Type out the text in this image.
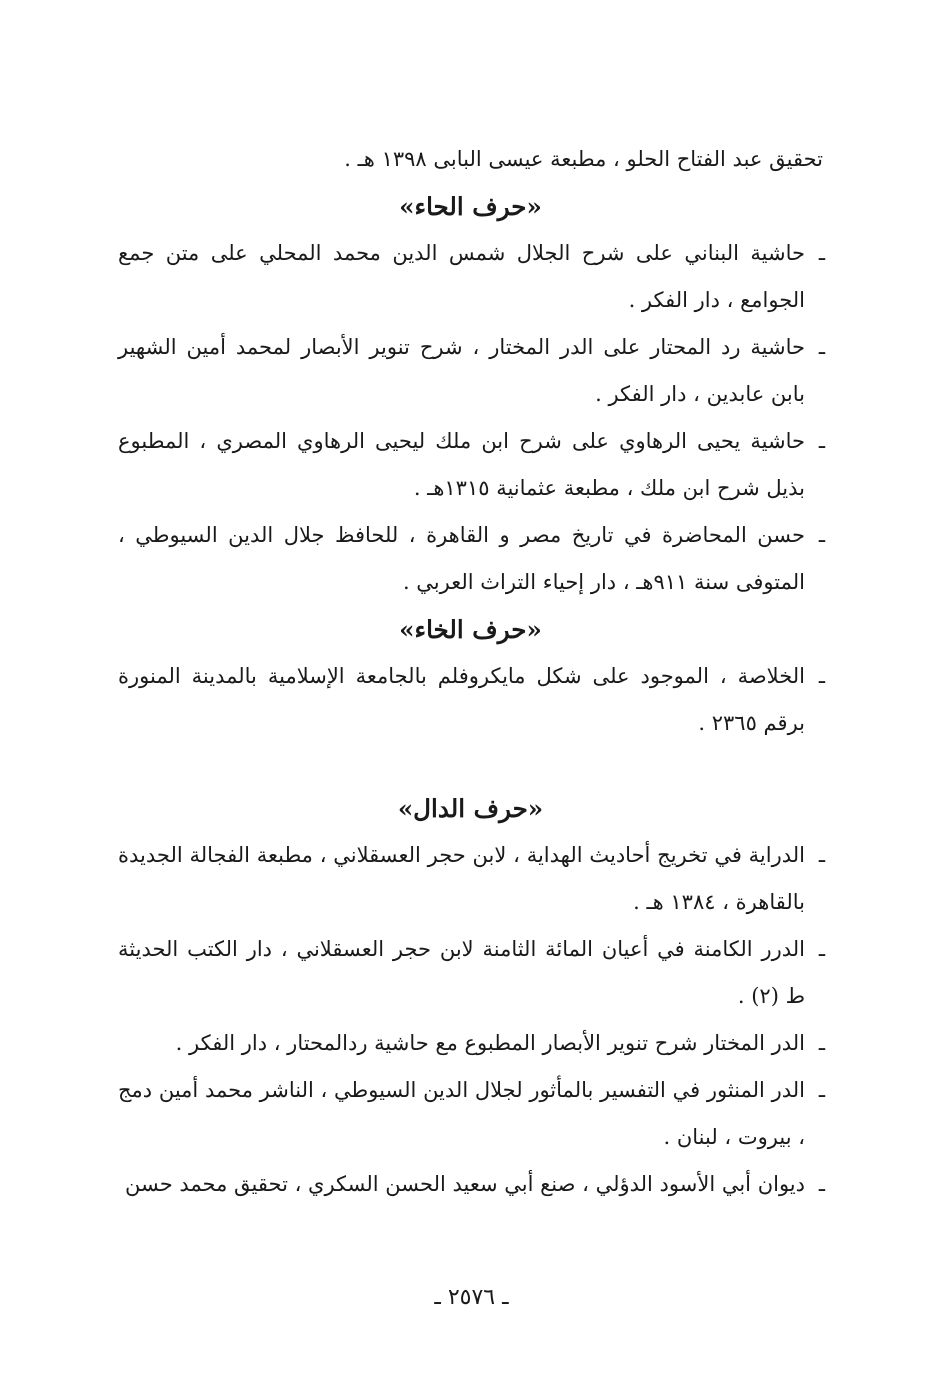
تحقيق عبد الفتاح الحلو ، مطبعة عيسى البابى ١٣٩٨ هـ .

«حرف الحاء»

ـ
حاشية البناني على شرح الجلال شمس الدين محمد المحلي على متن جمع الجوامع ، دار الفكر .

ـ
حاشية رد المحتار على الدر المختار ، شرح تنوير الأبصار لمحمد أمين الشهير بابن عابدين ، دار الفكر .

ـ
حاشية يحيى الرهاوي على شرح ابن ملك ليحيى الرهاوي المصري ، المطبوع بذيل شرح ابن ملك ، مطبعة عثمانية ١٣١٥هـ .

ـ
حسن المحاضرة في تاريخ مصر و القاهرة ، للحافظ جلال الدين السيوطي ، المتوفى سنة ٩١١هـ ، دار إحياء التراث العربي .

«حرف الخاء»

ـ
الخلاصة ، الموجود على شكل مايكروفلم بالجامعة الإسلامية بالمدينة المنورة برقم ٢٣٦٥ .

«حرف الدال»

ـ
الدراية في تخريج أحاديث الهداية ، لابن حجر العسقلاني ، مطبعة الفجالة الجديدة بالقاهرة ، ١٣٨٤ هـ .

ـ
الدرر الكامنة في أعيان المائة الثامنة لابن حجر العسقلاني ، دار الكتب الحديثة ط (٢) .

ـ
الدر المختار شرح تنوير الأبصار المطبوع مع حاشية ردالمحتار ، دار الفكر .

ـ
الدر المنثور في التفسير بالمأثور لجلال الدين السيوطي ، الناشر محمد أمين دمج ، بيروت ، لبنان .

ـ
ديوان أبي الأسود الدؤلي ، صنع أبي سعيد الحسن السكري ، تحقيق محمد حسن

ـ ٢٥٧٦ ـ
